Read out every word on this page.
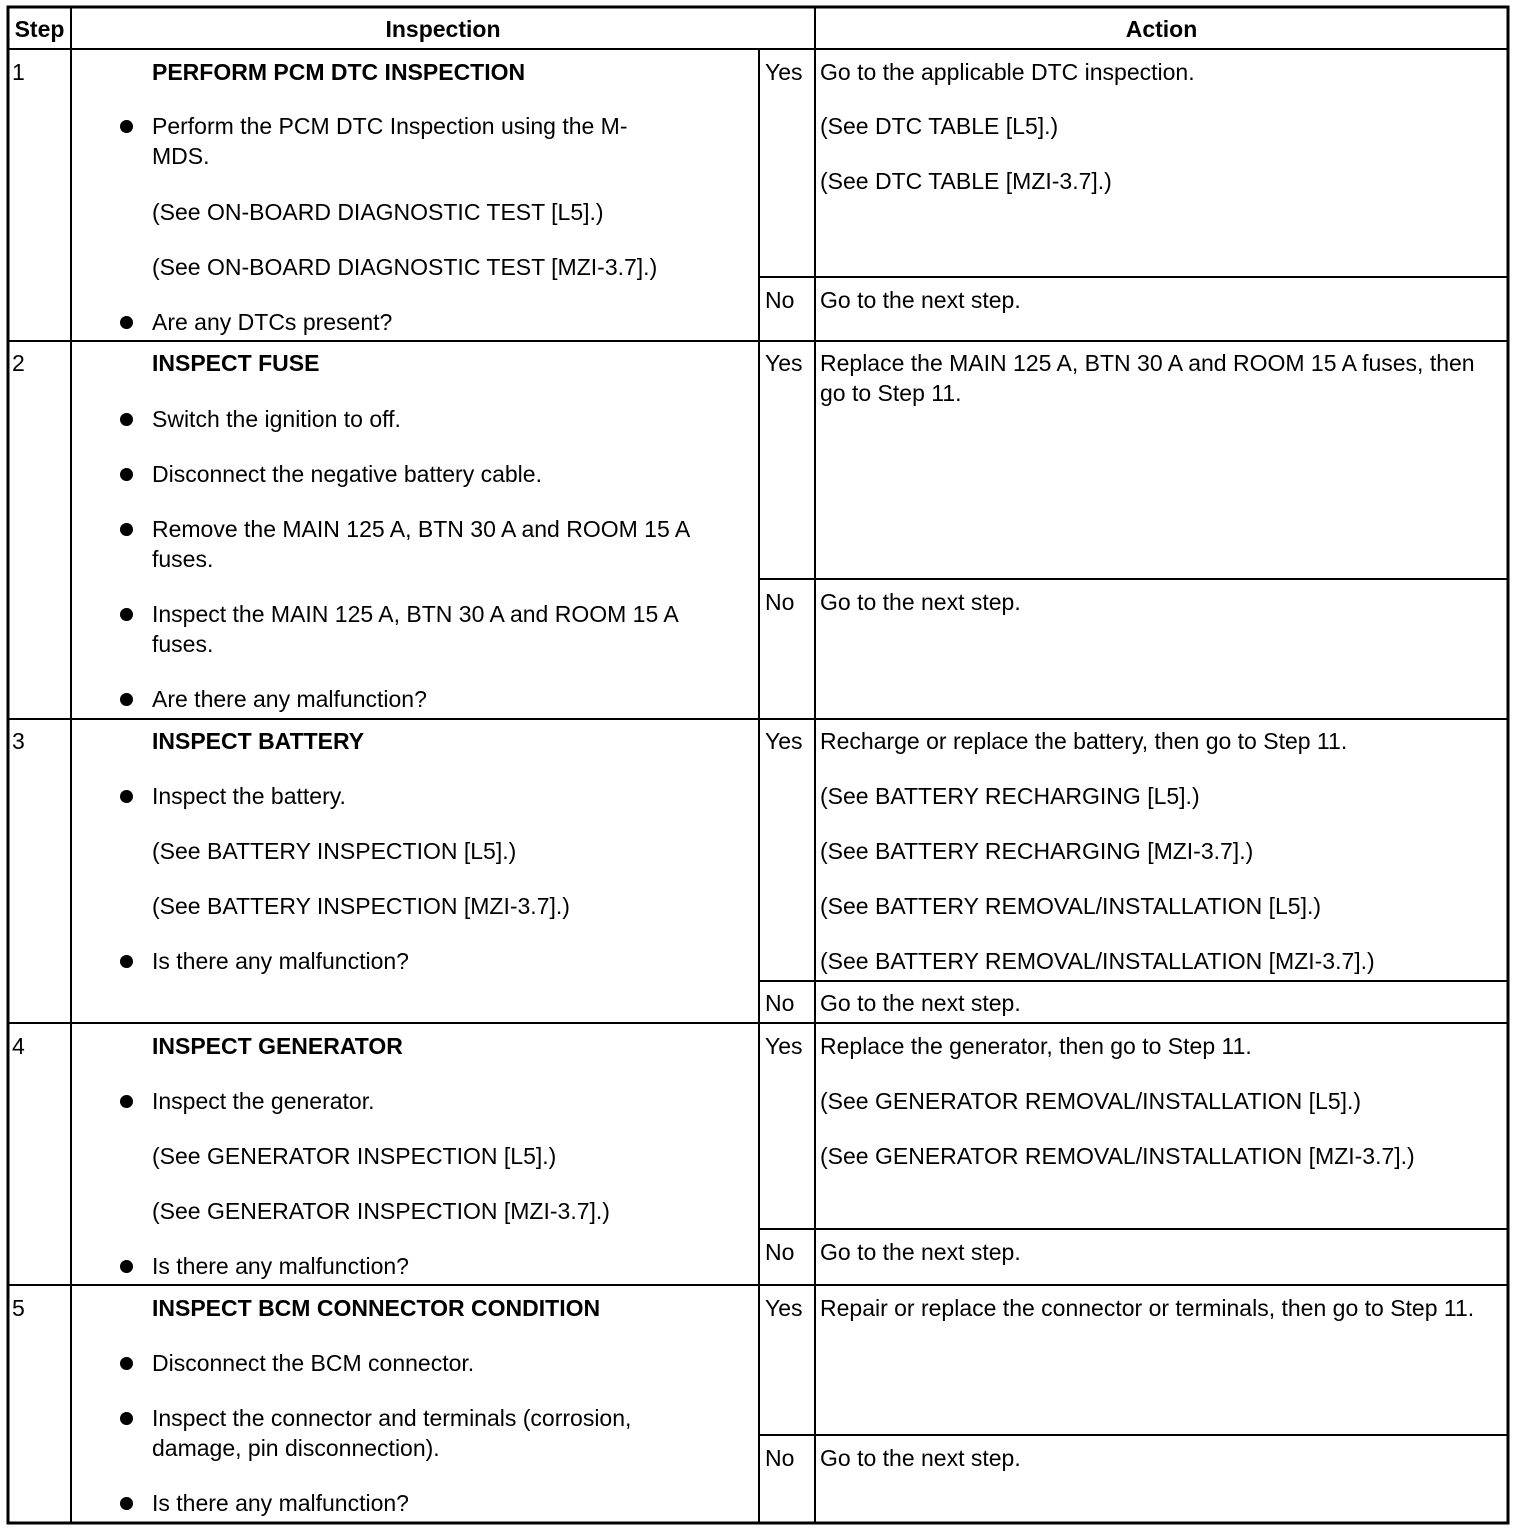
Step	Inspection	Action
1	PERFORM PCM DTC INSPECTION
Perform the PCM DTC Inspection using the M-MDS.
(See ON-BOARD DIAGNOSTIC TEST [L5].)
(See ON-BOARD DIAGNOSTIC TEST [MZI-3.7].)
Are any DTCs present?
Yes Go to the applicable DTC inspection.
(See DTC TABLE [L5].)
(See DTC TABLE [MZI-3.7].)
No Go to the next step.
2	INSPECT FUSE
Switch the ignition to off.
Disconnect the negative battery cable.
Remove the MAIN 125 A, BTN 30 A and ROOM 15 A fuses.
Inspect the MAIN 125 A, BTN 30 A and ROOM 15 A fuses.
Are there any malfunction?
Yes Replace the MAIN 125 A, BTN 30 A and ROOM 15 A fuses, then go to Step 11.
No Go to the next step.
3	INSPECT BATTERY
Inspect the battery.
(See BATTERY INSPECTION [L5].)
(See BATTERY INSPECTION [MZI-3.7].)
Is there any malfunction?
Yes Recharge or replace the battery, then go to Step 11.
(See BATTERY RECHARGING [L5].)
(See BATTERY RECHARGING [MZI-3.7].)
(See BATTERY REMOVAL/INSTALLATION [L5].)
(See BATTERY REMOVAL/INSTALLATION [MZI-3.7].)
No Go to the next step.
4	INSPECT GENERATOR
Inspect the generator.
(See GENERATOR INSPECTION [L5].)
(See GENERATOR INSPECTION [MZI-3.7].)
Is there any malfunction?
Yes Replace the generator, then go to Step 11.
(See GENERATOR REMOVAL/INSTALLATION [L5].)
(See GENERATOR REMOVAL/INSTALLATION [MZI-3.7].)
No Go to the next step.
5	INSPECT BCM CONNECTOR CONDITION
Disconnect the BCM connector.
Inspect the connector and terminals (corrosion, damage, pin disconnection).
Is there any malfunction?
Yes Repair or replace the connector or terminals, then go to Step 11.
No Go to the next step.
